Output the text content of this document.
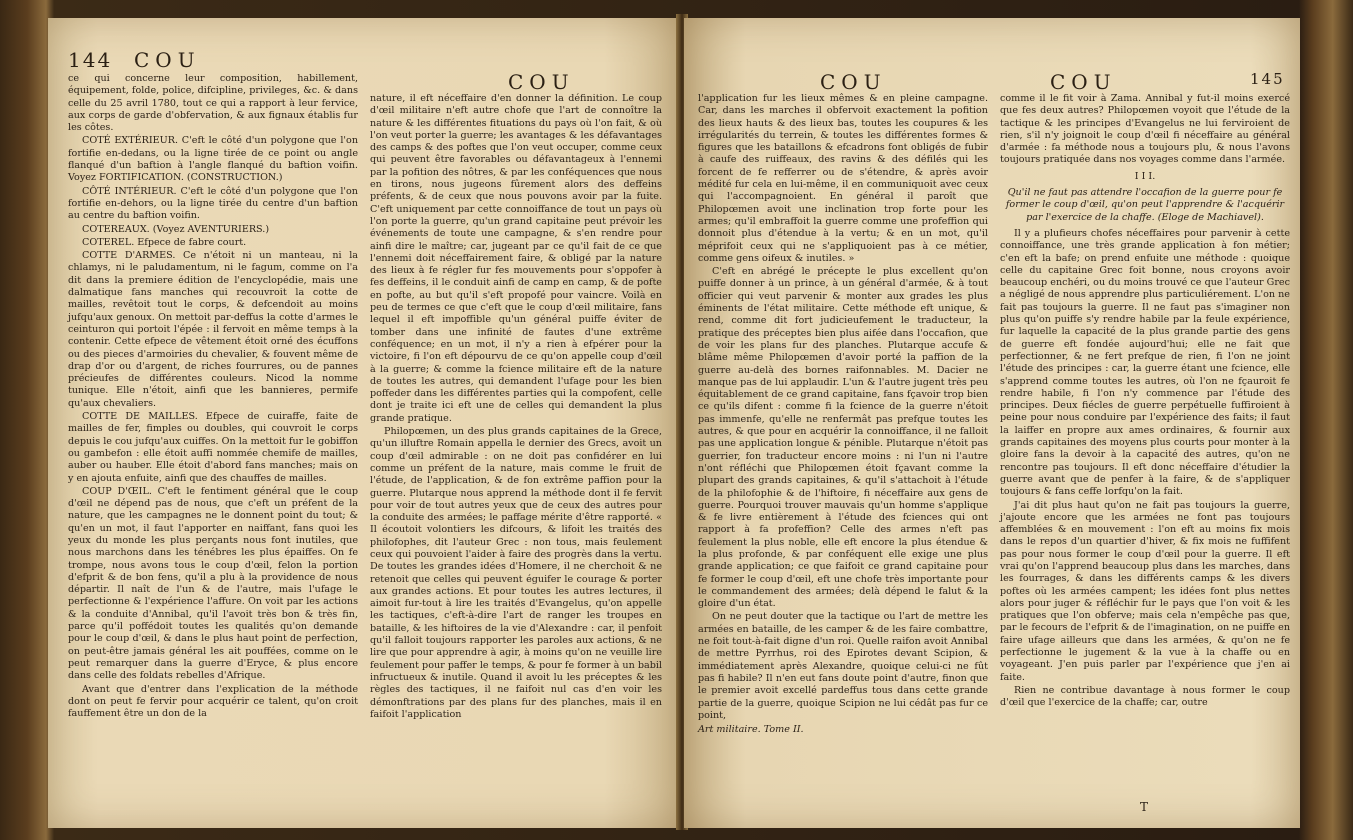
144 COU
COU

ce qui concerne leur composition, habillement, équipement, folde, police, difcipline, privileges, &c. & dans celle du 25 avril 1780, tout ce qui a rapport à leur fervice, aux corps de garde d'obfervation, & aux fignaux établis fur les côtes.

COTÉ EXTÉRIEUR. C'eft le côté d'un polygone que l'on fortifie en-dedans, ou la ligne tirée de ce point ou angle flanqué d'un baftion à l'angle flanqué du baftion voifin. Voyez FORTIFICATION. (CONSTRUCTION.)

CÔTÉ INTÉRIEUR. C'eft le côté d'un polygone que l'on fortifie en-dehors, ou la ligne tirée du centre d'un baftion au centre du baftion voifin.

COTEREAUX. (Voyez AVENTURIERS.)

COTEREL. Efpece de fabre court.

COTTE D'ARMES. Ce n'étoit ni un manteau, ni la chlamys, ni le paludamentum, ni le fagum, comme on l'a dit dans la premiere édition de l'encyclopédie, mais une dalmatique fans manches qui recouvroit la cotte de mailles, revêtoit tout le corps, & defcendoit au moins jufqu'aux genoux. On mettoit par-deffus la cotte d'armes le ceinturon qui portoit l'épée : il fervoit en même temps à la contenir. Cette efpece de vêtement étoit orné des écuffons ou des pieces d'armoiries du chevalier, & fouvent même de drap d'or ou d'argent, de riches fourrures, ou de pannes précieufes de différentes couleurs. Nicod la nomme tunique. Elle n'étoit, ainfi que les bannieres, permife qu'aux chevaliers.

COTTE DE MAILLES. Efpece de cuiraffe, faite de mailles de fer, fimples ou doubles, qui couvroit le corps depuis le cou jufqu'aux cuiffes. On la mettoit fur le gobiffon ou gambefon : elle étoit auffi nommée chemife de mailles, auber ou hauber. Elle étoit d'abord fans manches; mais on y en ajouta enfuite, ainfi que des chauffes de mailles.

COUP D'ŒIL. C'eft le fentiment général que le coup d'œil ne dépend pas de nous, que c'eft un préfent de la nature, que les campagnes ne le donnent point du tout; & qu'en un mot, il faut l'apporter en naiffant, fans quoi les yeux du monde les plus perçants nous font inutiles, que nous marchons dans les ténébres les plus épaiffes. On fe trompe, nous avons tous le coup d'œil, felon la portion d'efprit & de bon fens, qu'il a plu à la providence de nous départir. Il naît de l'un & de l'autre, mais l'ufage le perfectionne & l'expérience l'affure. On voit par les actions & la conduite d'Annibal, qu'il l'avoit très bon & très fin, parce qu'il poffédoit toutes les qualités qu'on demande pour le coup d'œil, & dans le plus haut point de perfection, on peut-être jamais général les ait pouffées, comme on le peut remarquer dans la guerre d'Eryce, & plus encore dans celle des foldats rebelles d'Afrique.

Avant que d'entrer dans l'explication de la méthode dont on peut fe fervir pour acquérir ce talent, qu'on croit fauffement être un don de la

nature, il eft néceffaire d'en donner la définition. Le coup d'œil militaire n'eft autre chofe que l'art de connoître la nature & les différentes fituations du pays où l'on fait, & où l'on veut porter la guerre; les avantages & les défavantages des camps & des poftes que l'on veut occuper, comme ceux qui peuvent être favorables ou défavantageux à l'ennemi par la pofition des nôtres, & par les conféquences que nous en tirons, nous jugeons fûrement alors des deffeins préfents, & de ceux que nous pouvons avoir par la fuite. C'eft uniquement par cette connoiffance de tout un pays où l'on porte la guerre, qu'un grand capitaine peut prévoir les événements de toute une campagne, & s'en rendre pour ainfi dire le maître; car, jugeant par ce qu'il fait de ce que l'ennemi doit néceffairement faire, & obligé par la nature des lieux à fe régler fur fes mouvements pour s'oppofer à fes deffeins, il le conduit ainfi de camp en camp, & de pofte en pofte, au but qu'il s'eft propofé pour vaincre. Voilà en peu de termes ce que c'eft que le coup d'œil militaire, fans lequel il eft impoffible qu'un général puiffe éviter de tomber dans une infinité de fautes d'une extrême conféquence; en un mot, il n'y a rien à efpérer pour la victoire, fi l'on eft dépourvu de ce qu'on appelle coup d'œil à la guerre; & comme la fcience militaire eft de la nature de toutes les autres, qui demandent l'ufage pour les bien poffeder dans les différentes parties qui la compofent, celle dont je traite ici eft une de celles qui demandent la plus grande pratique.

Philopœmen, un des plus grands capitaines de la Grece, qu'un illuftre Romain appella le dernier des Grecs, avoit un coup d'œil admirable : on ne doit pas confidérer en lui comme un préfent de la nature, mais comme le fruit de l'étude, de l'application, & de fon extrême paffion pour la guerre. Plutarque nous apprend la méthode dont il fe fervit pour voir de tout autres yeux que de ceux des autres pour la conduite des armées; le paffage mérite d'être rapporté. « Il écoutoit volontiers les difcours, & lifoit les traités des philofophes, dit l'auteur Grec : non tous, mais feulement ceux qui pouvoient l'aider à faire des progrès dans la vertu. De toutes les grandes idées d'Homere, il ne cherchoit & ne retenoit que celles qui peuvent éguifer le courage & porter aux grandes actions. Et pour toutes les autres lectures, il aimoit fur-tout à lire les traités d'Evangelus, qu'on appelle les tactiques, c'eft-à-dire l'art de ranger les troupes en bataille, & les hiftoires de la vie d'Alexandre : car, il penfoit qu'il falloit toujours rapporter les paroles aux actions, & ne lire que pour apprendre à agir, à moins qu'on ne veuille lire feulement pour paffer le temps, & pour fe former à un babil infructueux & inutile. Quand il avoit lu les préceptes & les règles des tactiques, il ne faifoit nul cas d'en voir les démonftrations par des plans fur des planches, mais il en faifoit l'application

COU	COU	145

l'application fur les lieux mêmes & en pleine campagne. Car, dans les marches il obfervoit exactement la pofition des lieux hauts & des lieux bas, toutes les coupures & les irrégularités du terrein, & toutes les différentes formes & figures que les bataillons & efcadrons font obligés de fubir à caufe des ruiffeaux, des ravins & des défilés qui les forcent de fe refferrer ou de s'étendre, & après avoir médité fur cela en lui-même, il en communiquoit avec ceux qui l'accompagnoient. En général il paroît que Philopœmen avoit une inclination trop forte pour les armes; qu'il embraffoit la guerre comme une profeffion qui donnoit plus d'étendue à la vertu; & en un mot, qu'il méprifoit ceux qui ne s'appliquoient pas à ce métier, comme gens oifeux & inutiles. »

C'eft en abrégé le précepte le plus excellent qu'on puiffe donner à un prince, à un général d'armée, & à tout officier qui veut parvenir & monter aux grades les plus éminents de l'état militaire. Cette méthode eft unique, & rend, comme dit fort judicieufement le traducteur, la pratique des préceptes bien plus aifée dans l'occafion, que de voir les plans fur des planches. Plutarque accufe & blâme même Philopœmen d'avoir porté la paffion de la guerre au-delà des bornes raifonnables. M. Dacier ne manque pas de lui applaudir. L'un & l'autre jugent très peu équitablement de ce grand capitaine, fans fçavoir trop bien ce qu'ils difent : comme fi la fcience de la guerre n'étoit pas immenfe, qu'elle ne renfermât pas prefque toutes les autres, & que pour en acquérir la connoiffance, il ne falloit pas une application longue & pénible. Plutarque n'étoit pas guerrier, fon traducteur encore moins : ni l'un ni l'autre n'ont réfléchi que Philopœmen étoit fçavant comme la plupart des grands capitaines, & qu'il s'attachoit à l'étude de la philofophie & de l'hiftoire, fi néceffaire aux gens de guerre. Pourquoi trouver mauvais qu'un homme s'applique & fe livre entièrement à l'étude des fciences qui ont rapport à fa profeffion? Celle des armes n'eft pas feulement la plus noble, elle eft encore la plus étendue & la plus profonde, & par conféquent elle exige une plus grande application; ce que faifoit ce grand capitaine pour fe former le coup d'œil, eft une chofe très importante pour le commandement des armées; delà dépend le falut & la gloire d'un état.

On ne peut douter que la tactique ou l'art de mettre les armées en bataille, de les camper & de les faire combattre, ne foit tout-à-fait digne d'un roi. Quelle raifon avoit Annibal de mettre Pyrrhus, roi des Epirotes devant Scipion, & immédiatement après Alexandre, quoique celui-ci ne fût pas fi habile? Il n'en eut fans doute point d'autre, finon que le premier avoit excellé pardeffus tous dans cette grande partie de la guerre, quoique Scipion ne lui cédât pas fur ce point,

Art militaire. Tome II.

comme il le fit voir à Zama. Annibal y fut-il moins exercé que fes deux autres? Philopœmen voyoit que l'étude de la tactique & les principes d'Evangelus ne lui ferviroient de rien, s'il n'y joignoit le coup d'œil fi néceffaire au général d'armée : fa méthode nous a toujours plu, & nous l'avons toujours pratiquée dans nos voyages comme dans l'armée.

I I I.

Qu'il ne faut pas attendre l'occafion de la guerre pour fe former le coup d'œil, qu'on peut l'apprendre & l'acquérir par l'exercice de la chaffe. (Eloge de Machiavel).

Il y a plufieurs chofes néceffaires pour parvenir à cette connoiffance, une très grande application à fon métier; c'en eft la bafe; on prend enfuite une méthode : quoique celle du capitaine Grec foit bonne, nous croyons avoir beaucoup enchéri, ou du moins trouvé ce que l'auteur Grec a négligé de nous apprendre plus particuliérement. L'on ne fait pas toujours la guerre. Il ne faut pas s'imaginer non plus qu'on puiffe s'y rendre habile par la feule expérience, fur laquelle la capacité de la plus grande partie des gens de guerre eft fondée aujourd'hui; elle ne fait que perfectionner, & ne fert prefque de rien, fi l'on ne joint l'étude des principes : car, la guerre étant une fcience, elle s'apprend comme toutes les autres, où l'on ne fçauroit fe rendre habile, fi l'on n'y commence par l'étude des principes. Deux fiécles de guerre perpétuelle fuffiroient à peine pour nous conduire par l'expérience des faits; il faut la laiffer en propre aux ames ordinaires, & fournir aux grands capitaines des moyens plus courts pour monter à la gloire fans la devoir à la capacité des autres, qu'on ne rencontre pas toujours. Il eft donc néceffaire d'étudier la guerre avant que de penfer à la faire, & de s'appliquer toujours & fans ceffe lorfqu'on la fait.

J'ai dit plus haut qu'on ne fait pas toujours la guerre, j'ajoute encore que les armées ne font pas toujours affemblées & en mouvement : l'on eft au moins fix mois dans le repos d'un quartier d'hiver, & fix mois ne fuffifent pas pour nous former le coup d'œil pour la guerre. Il eft vrai qu'on l'apprend beaucoup plus dans les marches, dans les fourrages, & dans les différents camps & les divers poftes où les armées campent; les idées font plus nettes alors pour juger & réfléchir fur le pays que l'on voit & les pratiques que l'on obferve; mais cela n'empêche pas que, par le fecours de l'efprit & de l'imagination, on ne puiffe en faire ufage ailleurs que dans les armées, & qu'on ne fe perfectionne le jugement & la vue à la chaffe ou en voyageant. J'en puis parler par l'expérience que j'en ai faite.

Rien ne contribue davantage à nous former le coup d'œil que l'exercice de la chaffe; car, outre

T
